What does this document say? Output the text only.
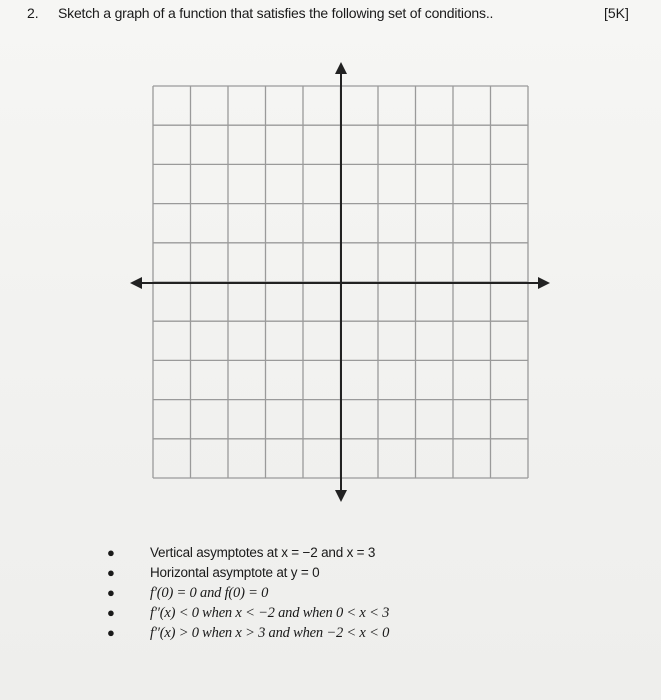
2. Sketch a graph of a function that satisfies the following set of conditions..	[5K]
●	Vertical asymptotes at x = −2 and x = 3
●	Horizontal asymptote at y = 0
● f′(0) = 0 and f(0) = 0
● f′′(x) < 0 when x < −2 and when 0 < x < 3
● f′′(x) > 0 when x > 3 and when −2 < x < 0
